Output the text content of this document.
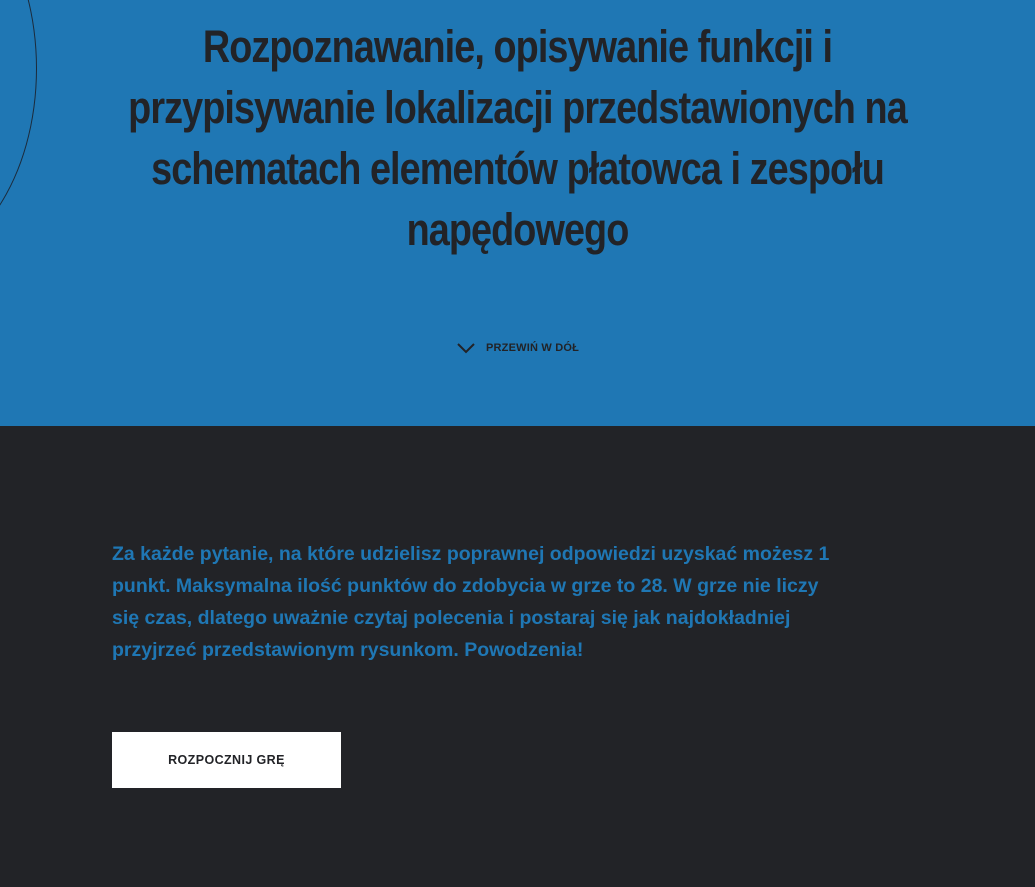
Rozpoznawanie, opisywanie funkcji i przypisywanie lokalizacji przedstawionych na schematach elementów płatowca i zespołu napędowego
PRZEWIŃ W DÓŁ

Za każde pytanie, na które udzielisz poprawnej odpowiedzi uzyskać możesz 1 punkt. Maksymalna ilość punktów do zdobycia w grze to 28. W grze nie liczy się czas, dlatego uważnie czytaj polecenia i postaraj się jak najdokładniej przyjrzeć przedstawionym rysunkom. Powodzenia!

ROZPOCZNIJ GRĘ
